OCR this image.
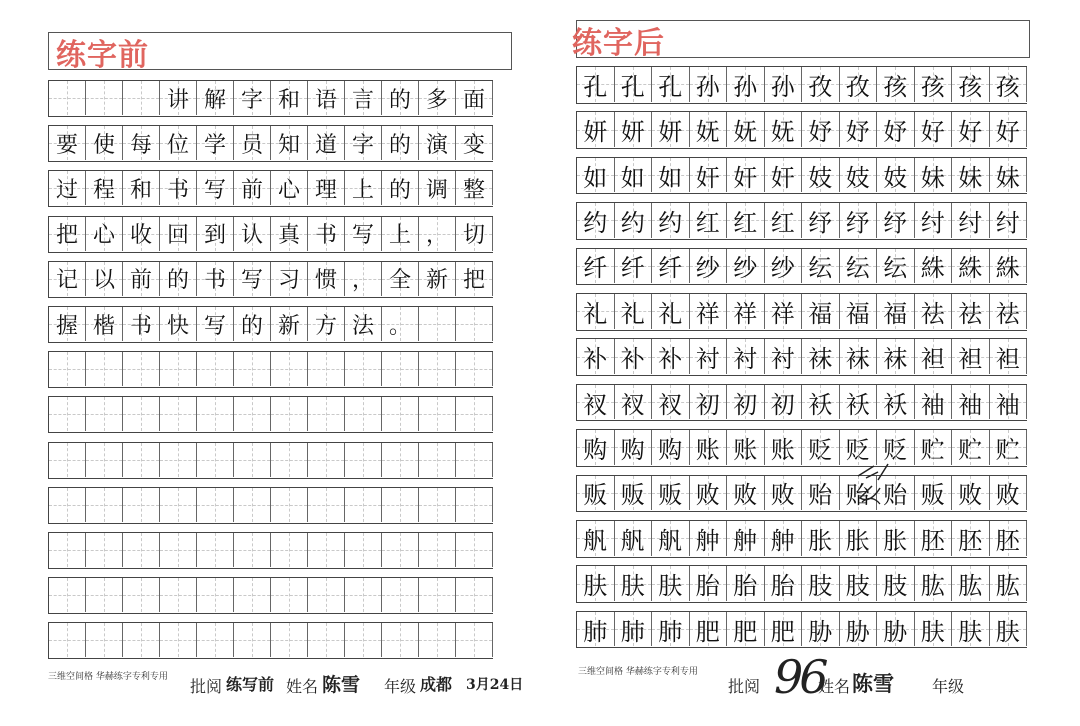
练字前
讲 解 字 和 语 言 的 多 面
要 使 每 位 学 员 知 道 字 的 演 变
过 程 和 书 写 前 心 理 上 的 调 整
把 心 收 回 到 认 真 书 写 上 ， 切
记 以 前 的 书 写 习 惯 ， 全 新 把
握 楷 书 快 写 的 新 方 法 。
三维空间格 华赫练字专利专用 批阅 练写前 姓名 陈雪 年级 成都 3月24日
练字后
孔 孔 孔 孙 孙 孙 孜 孜 孩 孩 孩 孩
妍 妍 妍 妩 妩 妩 妤 妤 妤 好 好 好
如 如 如 奸 奸 奸 妓 妓 妓 妹 妹 妹
约 约 约 红 红 红 纾 纾 纾 纣 纣 纣
纤 纤 纤 纱 纱 纱 纭 纭 纭 絑 絑 絑
礼 礼 礼 祥 祥 祥 福 福 福 祛 祛 祛
补 补 补 衬 衬 衬 袜 袜 袜 袒 袒 袒
衩 衩 衩 初 初 初 袄 袄 袄 袖 袖 袖
购 购 购 账 账 账 贬 贬 贬 贮 贮 贮
贩 贩 贩 败 败 败 贻 贻 贻 贩 败 败
舤 舤 舤 舯 舯 舯 胀 胀 胀 胚 胚 胚
肤 肤 肤 胎 胎 胎 肢 肢 肢 肱 肱 肱
肺 肺 肺 肥 肥 肥 胁 胁 胁 肤 肤 肤
三维空间格 华赫练字专利专用
批阅 96
姓名 陈雪 年级
